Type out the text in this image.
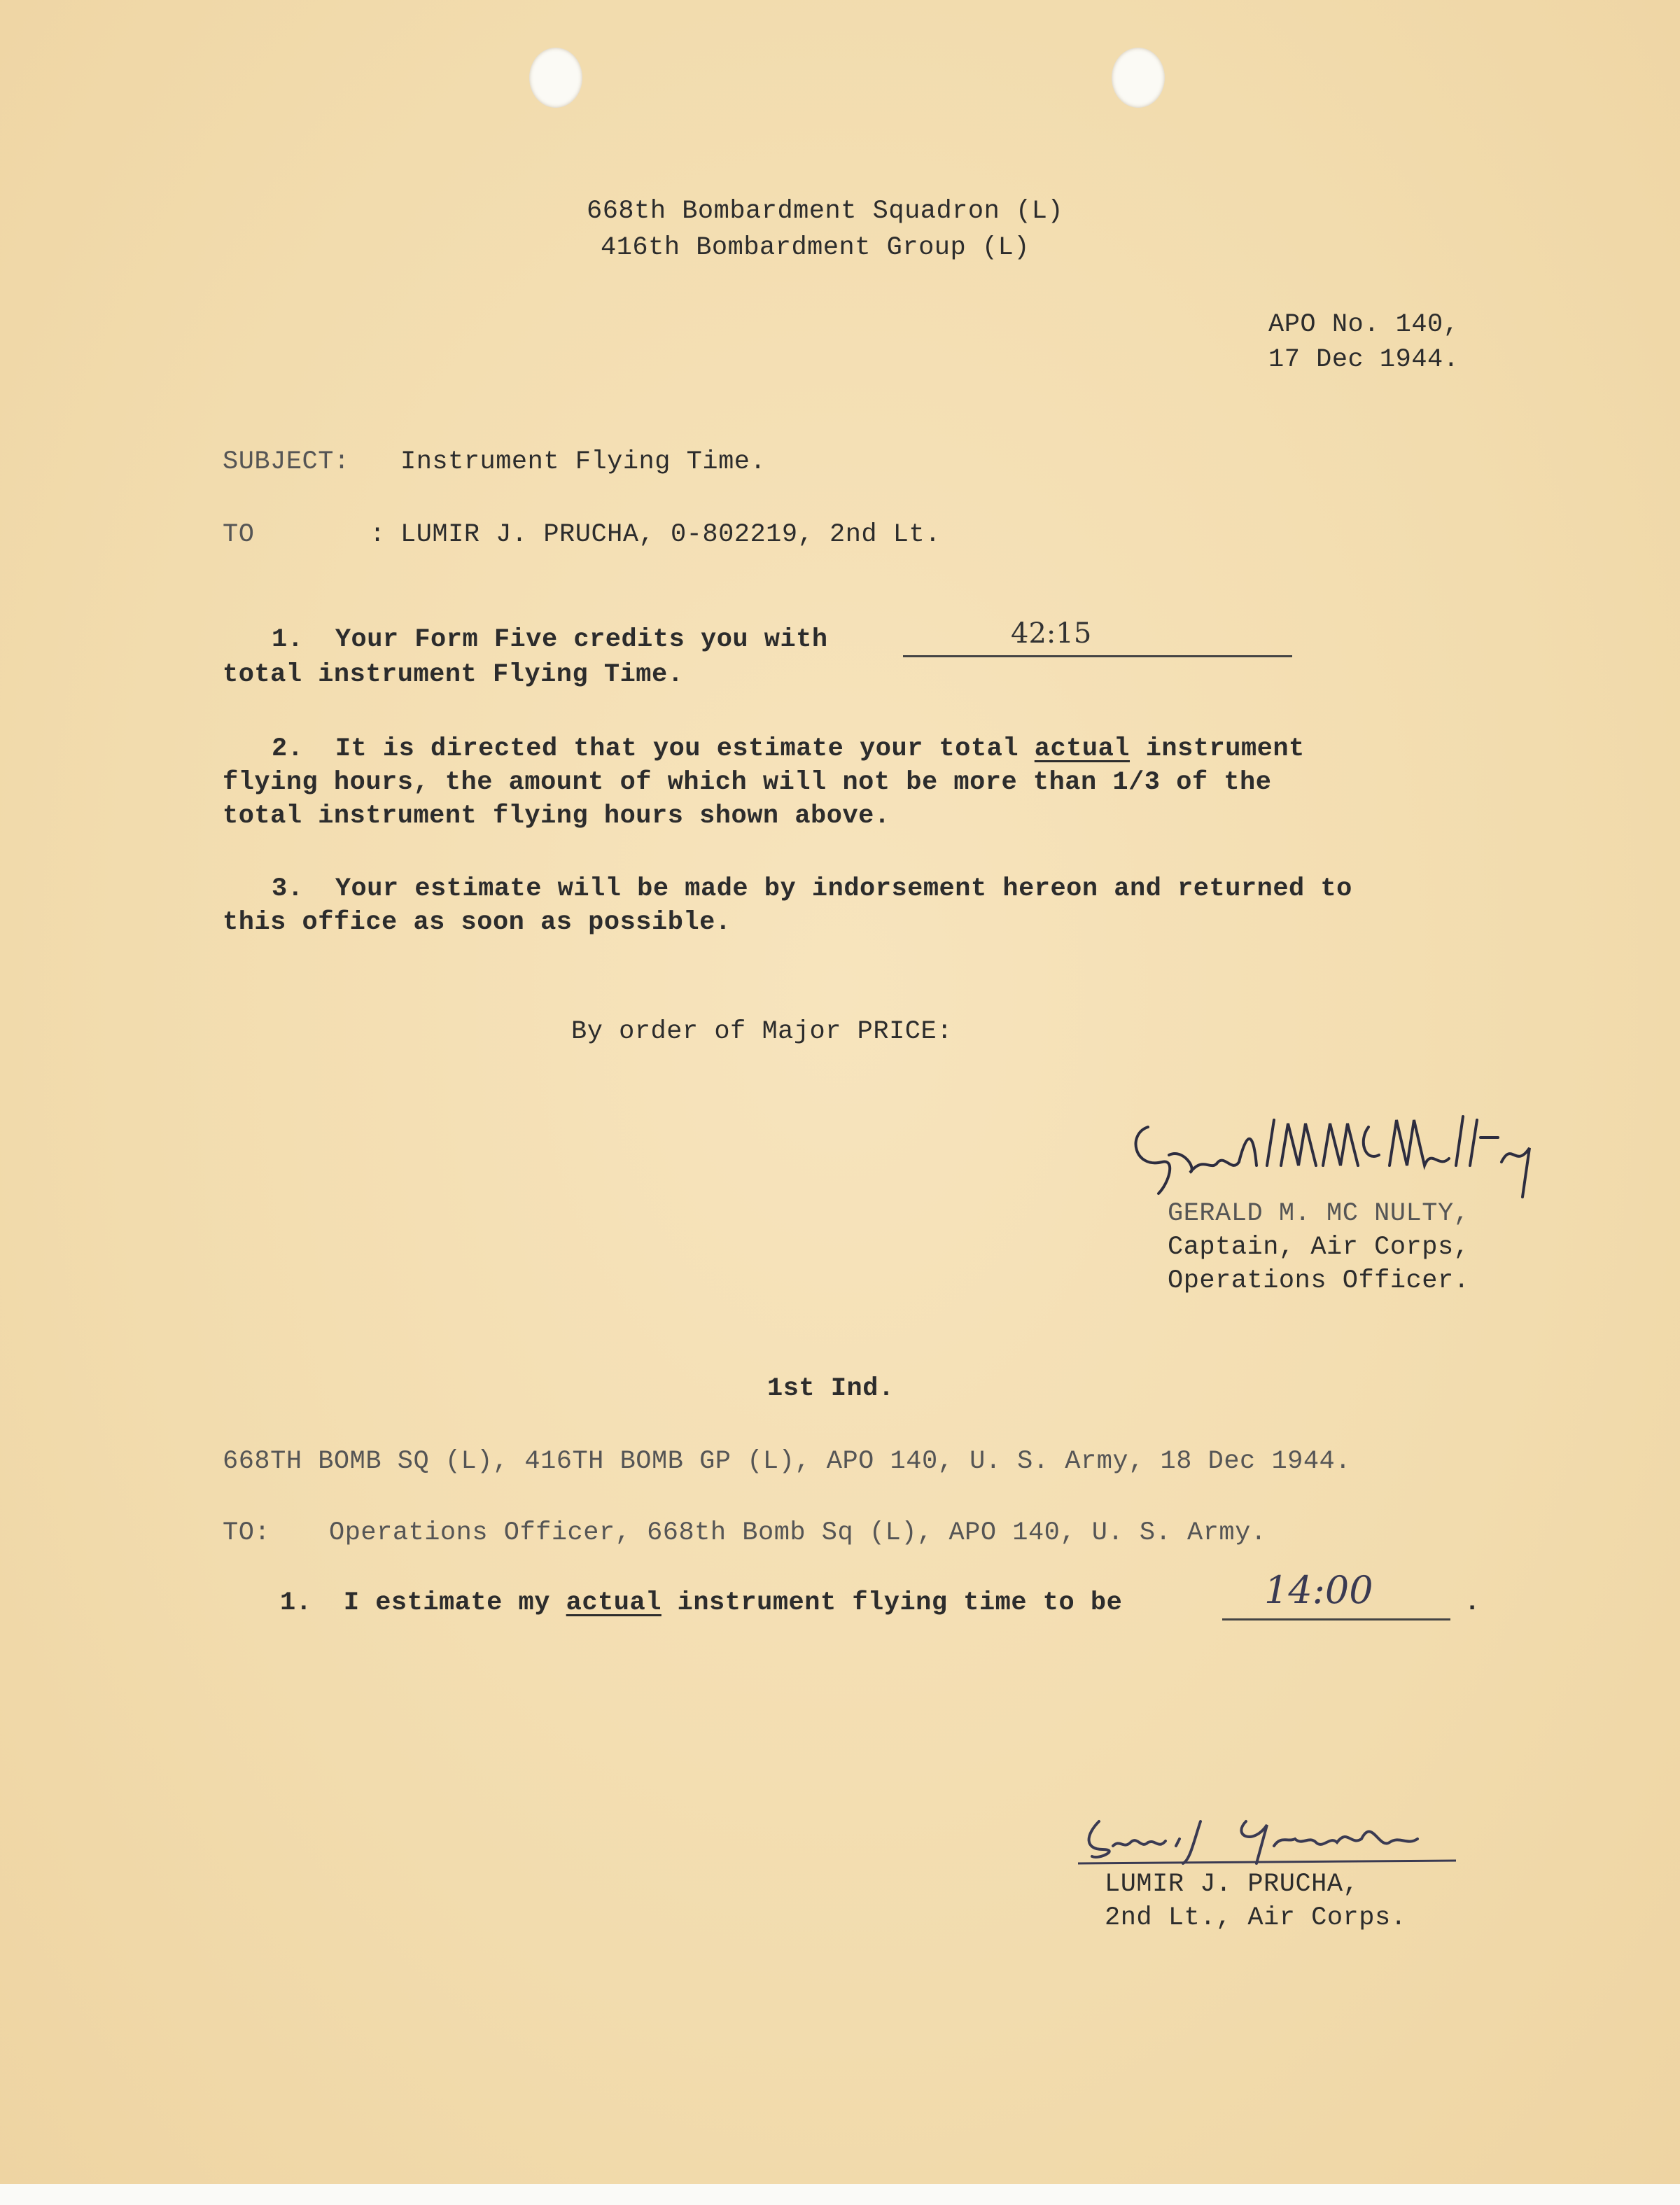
668th Bombardment Squadron (L)
416th Bombardment Group (L)
APO No. 140,
17 Dec 1944.
SUBJECT: Instrument Flying Time.
TO	: LUMIR J. PRUCHA, 0-802219, 2nd Lt.
1.  Your Form Five credits you with	42:15
total instrument Flying Time.
2.  It is directed that you estimate your total actual instrument
flying hours, the amount of which will not be more than 1/3 of the
total instrument flying hours shown above.
3.  Your estimate will be made by indorsement hereon and returned to
this office as soon as possible.
By order of Major PRICE:
GERALD M. MC NULTY,
Captain, Air Corps,
Operations Officer.
1st Ind.
668TH BOMB SQ (L), 416TH BOMB GP (L), APO 140, U. S. Army, 18 Dec 1944.
TO: Operations Officer, 668th Bomb Sq (L), APO 140, U. S. Army.
1.  I estimate my actual instrument flying time to be	14:00	.
LUMIR J. PRUCHA,
2nd Lt., Air Corps.
